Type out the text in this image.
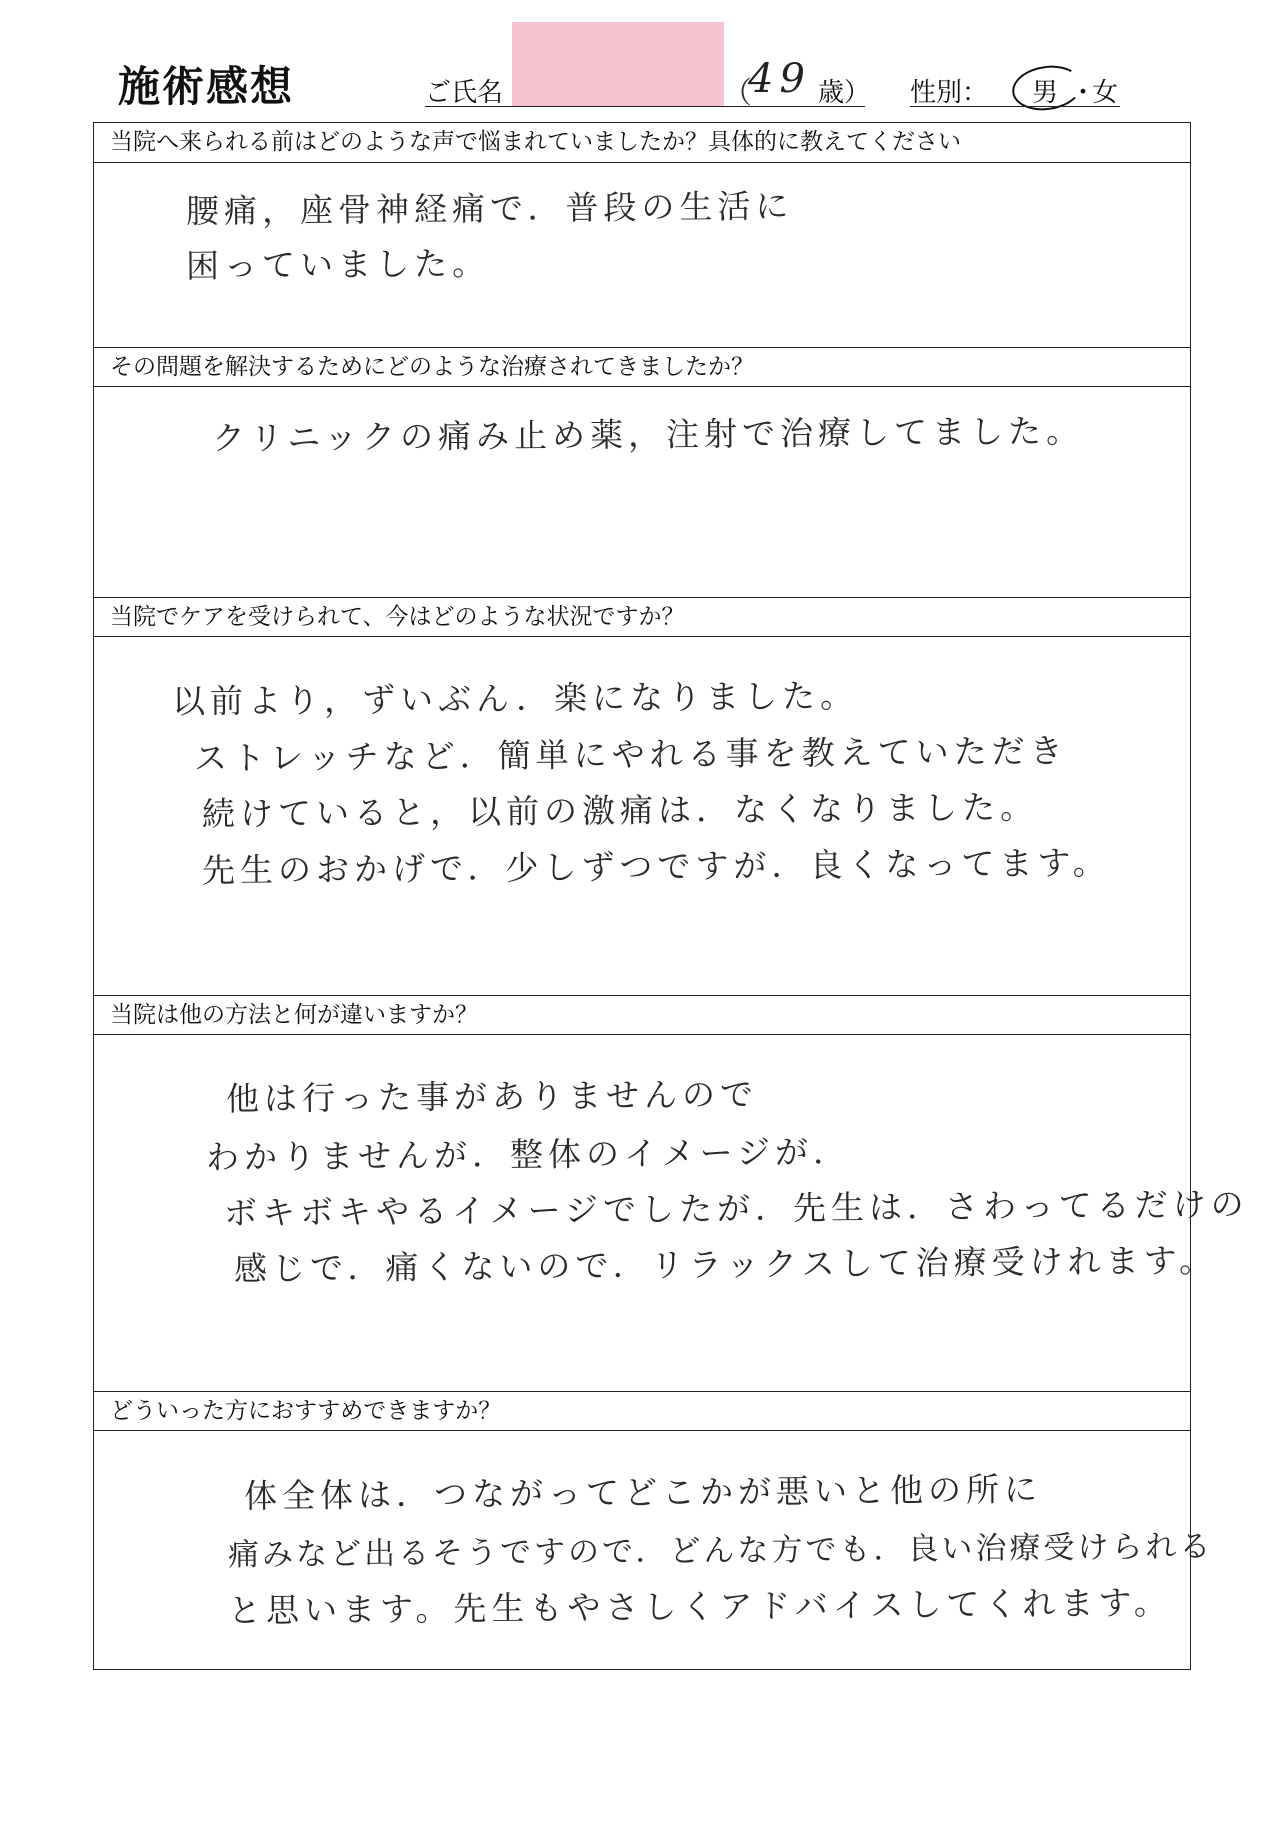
施術感想	ご氏名	（
49 歳） 性別： 男 ・
女
当院へ来られる前はどのような声で悩まれていましたか？具体的に教えてください
腰痛，座骨神経痛で．普段の生活に
困っていました。
その問題を解決するためにどのような治療されてきましたか？
クリニックの痛み止め薬，注射で治療してました。
当院でケアを受けられて、今はどのような状況ですか？
以前より，ずいぶん．楽になりました。
ストレッチなど．簡単にやれる事を教えていただき
続けていると，以前の激痛は．なくなりました。
先生のおかげで．少しずつですが．良くなってます。
当院は他の方法と何が違いますか？
他は行った事がありませんので
わかりませんが．整体のイメージが．
ボキボキやるイメージでしたが．先生は．さわってるだけの
感じで．痛くないので．リラックスして治療受けれます。
どういった方におすすめできますか？
体全体は．つながってどこかが悪いと他の所に
痛みなど出るそうですので．どんな方でも．良い治療受けられる
と思います。先生もやさしくアドバイスしてくれます。
